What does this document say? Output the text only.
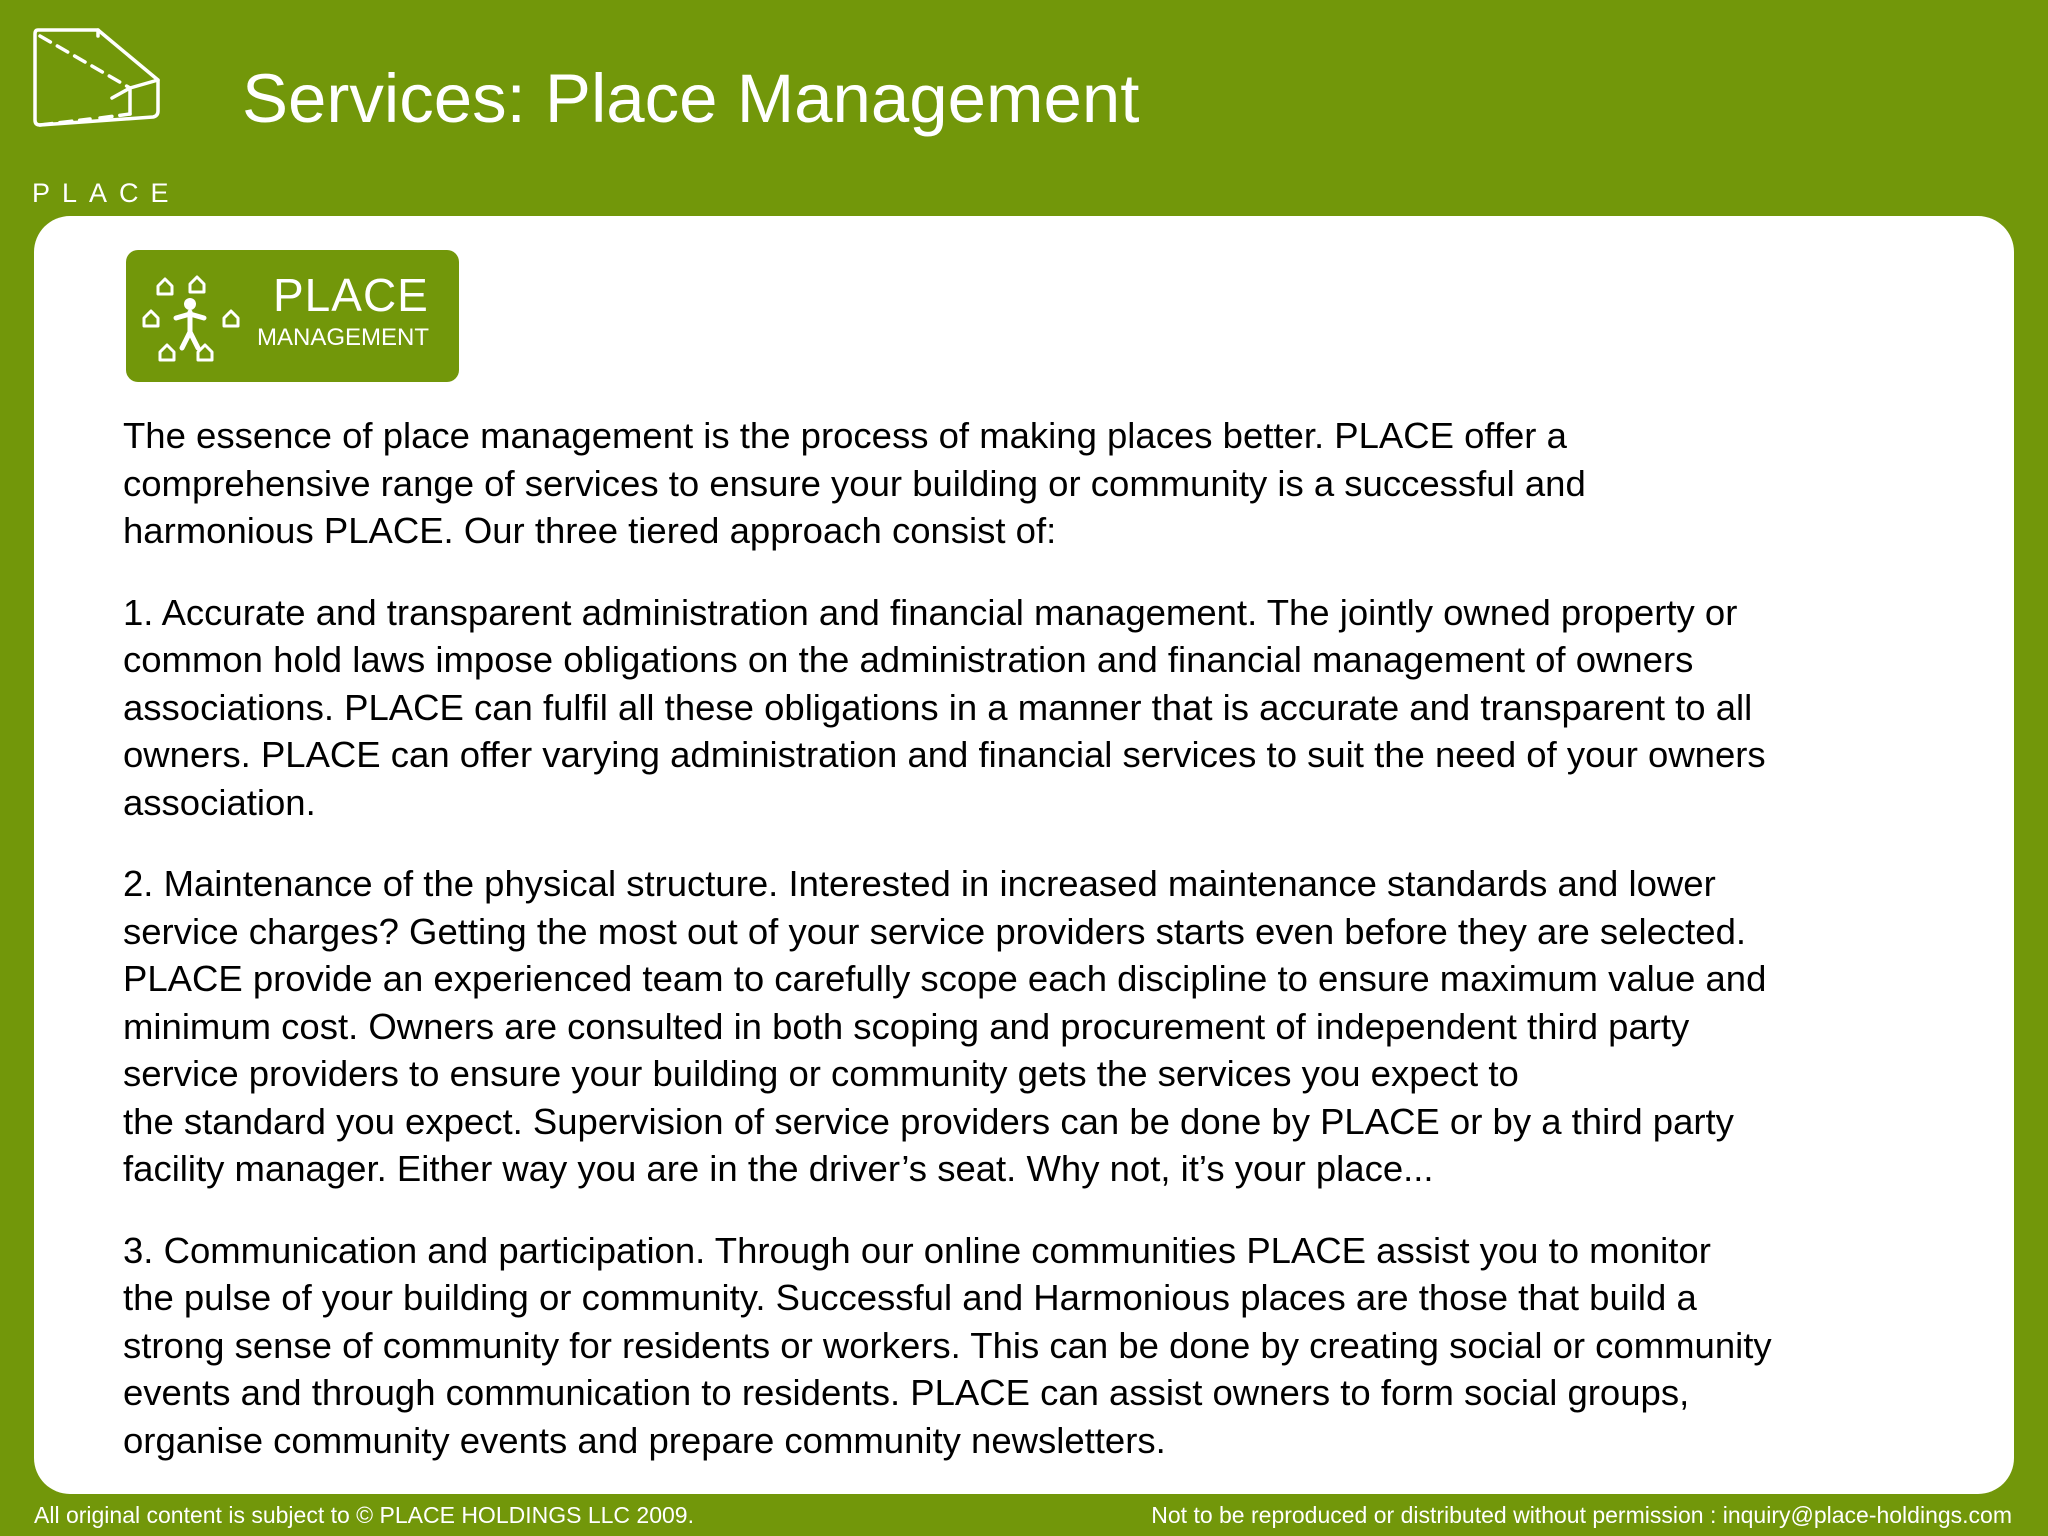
PLACE
Services: Place Management
PLACE
MANAGEMENT

The essence of place management is the process of making places better. PLACE offer a
comprehensive range of services to ensure your building or community is a successful and
harmonious PLACE. Our three tiered approach consist of:

1. Accurate and transparent administration and financial management. The jointly owned property or
common hold laws impose obligations on the administration and financial management of owners
associations. PLACE can fulfil all these obligations in a manner that is accurate and transparent to all
owners. PLACE can offer varying administration and financial services to suit the need of your owners
association.

2. Maintenance of the physical structure. Interested in increased maintenance standards and lower
service charges? Getting the most out of your service providers starts even before they are selected.
PLACE provide an experienced team to carefully scope each discipline to ensure maximum value and
minimum cost. Owners are consulted in both scoping and procurement of independent third party
service providers to ensure your building or community gets the services you expect to
the standard you expect. Supervision of service providers can be done by PLACE or by a third party
facility manager. Either way you are in the driver’s seat. Why not, it’s your place...

3. Communication and participation. Through our online communities PLACE assist you to monitor
the pulse of your building or community. Successful and Harmonious places are those that build a
strong sense of community for residents or workers. This can be done by creating social or community
events and through communication to residents. PLACE can assist owners to form social groups,
organise community events and prepare community newsletters.

All original content is subject to © PLACE HOLDINGS LLC 2009.	Not to be reproduced or distributed without permission : inquiry@place-holdings.com
